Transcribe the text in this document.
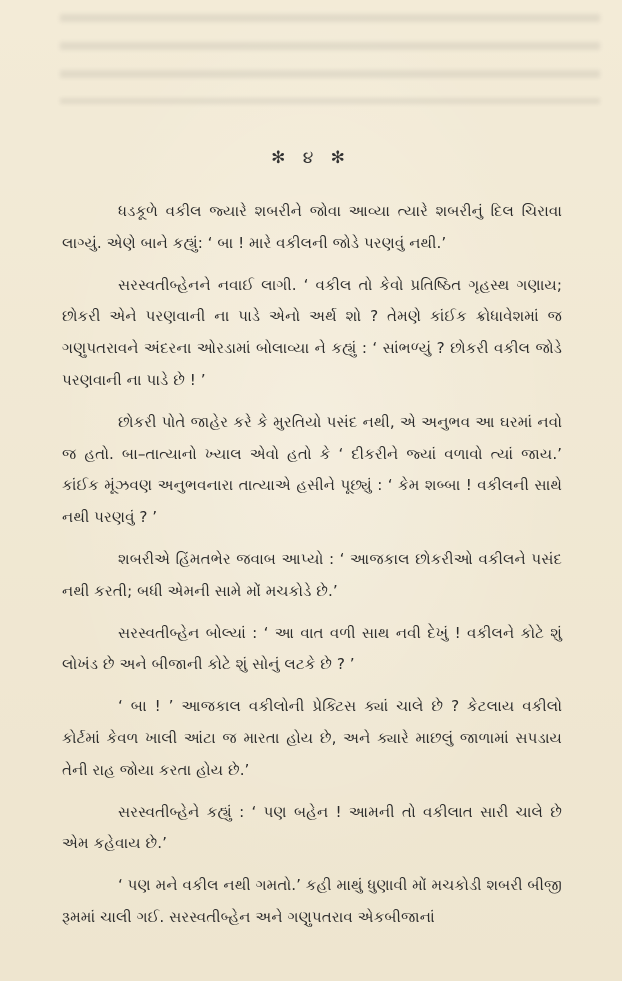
✻ ૪ ✻

ધડકૂળે વકીલ જ્યારે શબરીને જોવા આવ્યા ત્યારે શબરીનું દિલ ચિરાવા લાગ્યું. એણે બાને કહ્યું: ‘ બા ! મારે વકીલની જોડે પરણવું નથી.’

સરસ્વતીબ્હેનને નવાઈ લાગી. ‘ વકીલ તો કેવો પ્રતિષ્ઠિત ગૃહસ્થ ગણાય; છોકરી એને પરણવાની ના પાડે એનો અર્થ શો ? તેમણે કાંઈક ક્રોધાવેશમાં જ ગણુપતરાવને અંદરના ઓરડામાં બોલાવ્યા ને કહ્યું : ‘ સાંભળ્યું ? છોકરી વકીલ જોડે પરણવાની ના પાડે છે ! ’

છોકરી પોતે જાહેર કરે કે મુરતિયો પસંદ નથી, એ અનુભવ આ ઘરમાં નવો જ હતો. બા–તાત્યાનો ખ્યાલ એવો હતો કે ‘ દીકરીને જ્યાં વળાવો ત્યાં જાય.’ કાંઈક મૂંઝવણ અનુભવનારા તાત્યાએ હસીને પૂછ્યું : ‘ કેમ શબ્બા ! વકીલની સાથે નથી પરણવું ? ’

શબરીએ હિંમતભેર જવાબ આપ્યો : ‘ આજકાલ છોકરીઓ વકીલને પસંદ નથી કરતી; બધી એમની સામે મોં મચકોડે છે.’

સરસ્વતીબ્હેન બોલ્યાં : ‘ આ વાત વળી સાથ નવી દેખું ! વકીલને કોટે શું લોખંડ છે અને બીજાની કોટે શું સોનું લટકે છે ? ’

‘ બા ! ’ આજકાલ વકીલોની પ્રેક્ટિસ ક્યાં ચાલે છે ? કેટલાય વકીલો કોર્ટમાં કેવળ ખાલી આંટા જ મારતા હોય છે, અને ક્યારે માછલું જાળામાં સપડાય તેની રાહ જોયા કરતા હોય છે.’

સરસ્વતીબ્હેને કહ્યું : ‘ પણ બહેન ! આમની તો વકીલાત સારી ચાલે છે એમ કહેવાય છે.’

‘ પણ મને વકીલ નથી ગમતો.’ કહી માથું ધુણાવી મોં મચકોડી શબરી બીજી રૂમમાં ચાલી ગઈ. સરસ્વતીબ્હેન અને ગણુપતરાવ એકબીજાનાં
